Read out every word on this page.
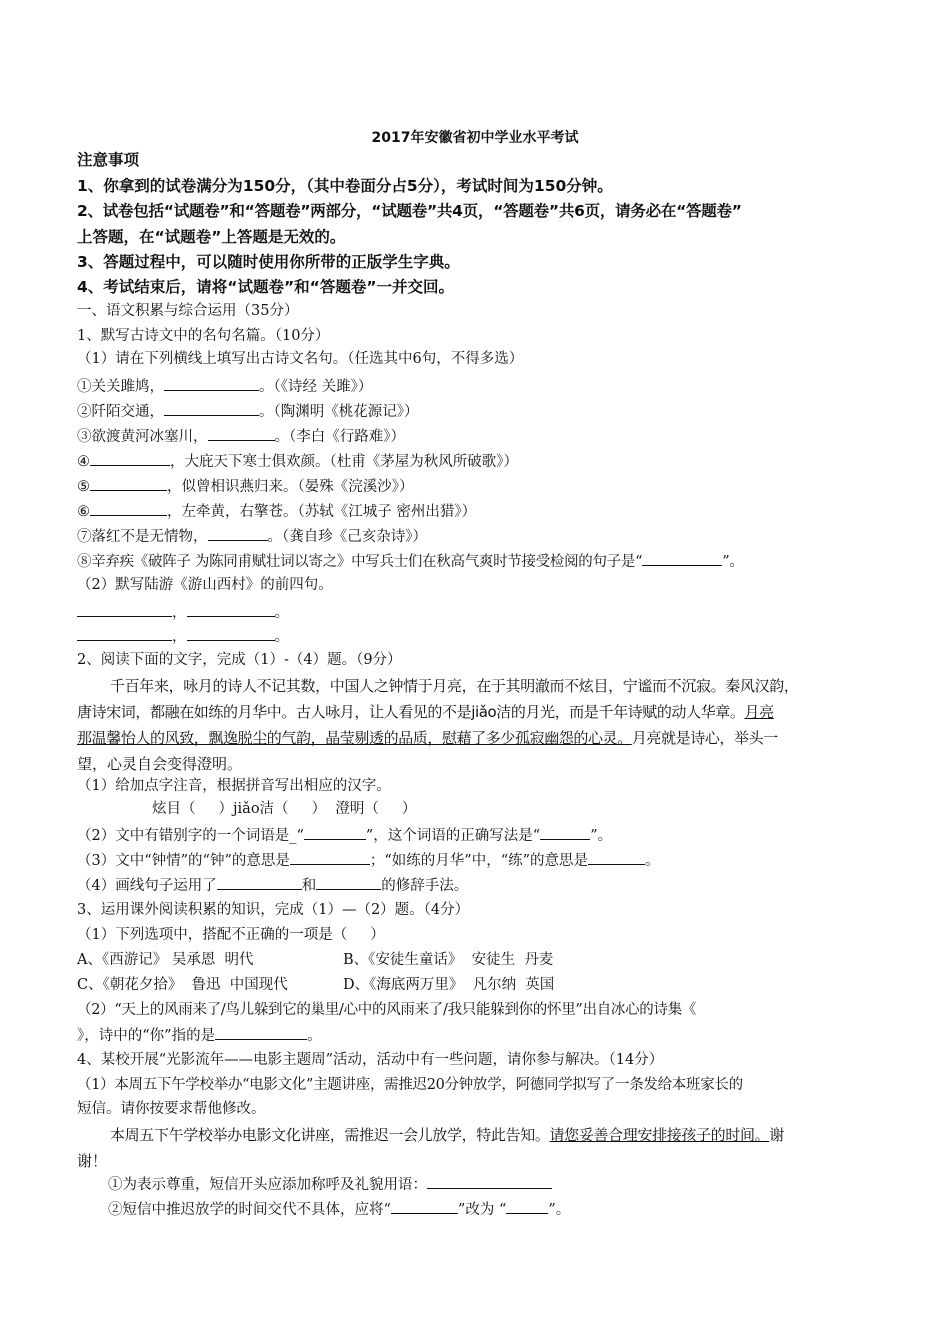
2017年安徽省初中学业水平考试
注意事项
1、你拿到的试卷满分为150分，（其中卷面分占5分），考试时间为150分钟。
2、试卷包括“试题卷”和“答题卷”两部分，“试题卷”共4页，“答题卷”共6页，请务必在“答题卷”
上答题，在“试题卷”上答题是无效的。
3、答题过程中，可以随时使用你所带的正版学生字典。
4、考试结束后，请将“试题卷”和“答题卷”一并交回。
一、语文积累与综合运用（35分）
1、默写古诗文中的名句名篇。（10分）
（1）请在下列横线上填写出古诗文名句。（任选其中6句，不得多选）
①关关雎鸠，	。（《诗经 关雎》）
②阡陌交通，	。（陶渊明《桃花源记》）
③欲渡黄河冰塞川，	。（李白《行路难》）
④	，大庇天下寒士俱欢颜。（杜甫《茅屋为秋风所破歌》）
⑤	，似曾相识燕归来。（晏殊《浣溪沙》）
⑥	，左牵黄，右擎苍。（苏轼《江城子 密州出猎》）
⑦落红不是无情物，	。（龚自珍《己亥杂诗》）
⑧辛弃疾《破阵子 为陈同甫赋壮词以寄之》中写兵士们在秋高气爽时节接受检阅的句子是“	”。
（2）默写陆游《游山西村》的前四句。
，	。
，	。
2、阅读下面的文字，完成（1）-（4）题。（9分）
千百年来，咏月的诗人不记其数，中国人之钟情于月亮，在于其明澈而不炫目，宁谧而不沉寂。秦风汉韵，
唐诗宋词，都融在如练的月华中。古人咏月，让人看见的不是jiǎo洁的月光，而是千年诗赋的动人华章。月亮
那温馨怡人的风致，飘逸脱尘的气韵，晶莹剔透的品质，慰藉了多少孤寂幽怨的心灵。月亮就是诗心，举头一
望，心灵自会变得澄明。
（1）给加点字注音，根据拼音写出相应的汉字。
炫目（     ）jiǎo洁（     ）  澄明（     ）
（2）文中有错别字的一个词语是_“	”，这个词语的正确写法是“	”。
（3）文中“钟情”的“钟”的意思是	；“如练的月华”中，“练”的意思是	。
（4）画线句子运用了	和	的修辞手法。
3、运用课外阅读积累的知识，完成（1）—（2）题。（4分）
（1）下列选项中，搭配不正确的一项是（     ）
A、《西游记》 吴承恩  明代	B、《安徒生童话》  安徒生  丹麦
C、《朝花夕拾》  鲁迅  中国现代	D、《海底两万里》  凡尔纳  英国
（2）“天上的风雨来了/鸟儿躲到它的巢里/心中的风雨来了/我只能躲到你的怀里”出自冰心的诗集《
》，诗中的“你”指的是	。
4、某校开展“光影流年——电影主题周”活动，活动中有一些问题，请你参与解决。（14分）
（1）本周五下午学校举办“电影文化”主题讲座，需推迟20分钟放学，阿德同学拟写了一条发给本班家长的
短信。请你按要求帮他修改。
本周五下午学校举办电影文化讲座，需推迟一会儿放学，特此告知。请您妥善合理安排接孩子的时间。谢
谢！
①为表示尊重，短信开头应添加称呼及礼貌用语：
②短信中推迟放学的时间交代不具体，应将“	”改为 “	”。
